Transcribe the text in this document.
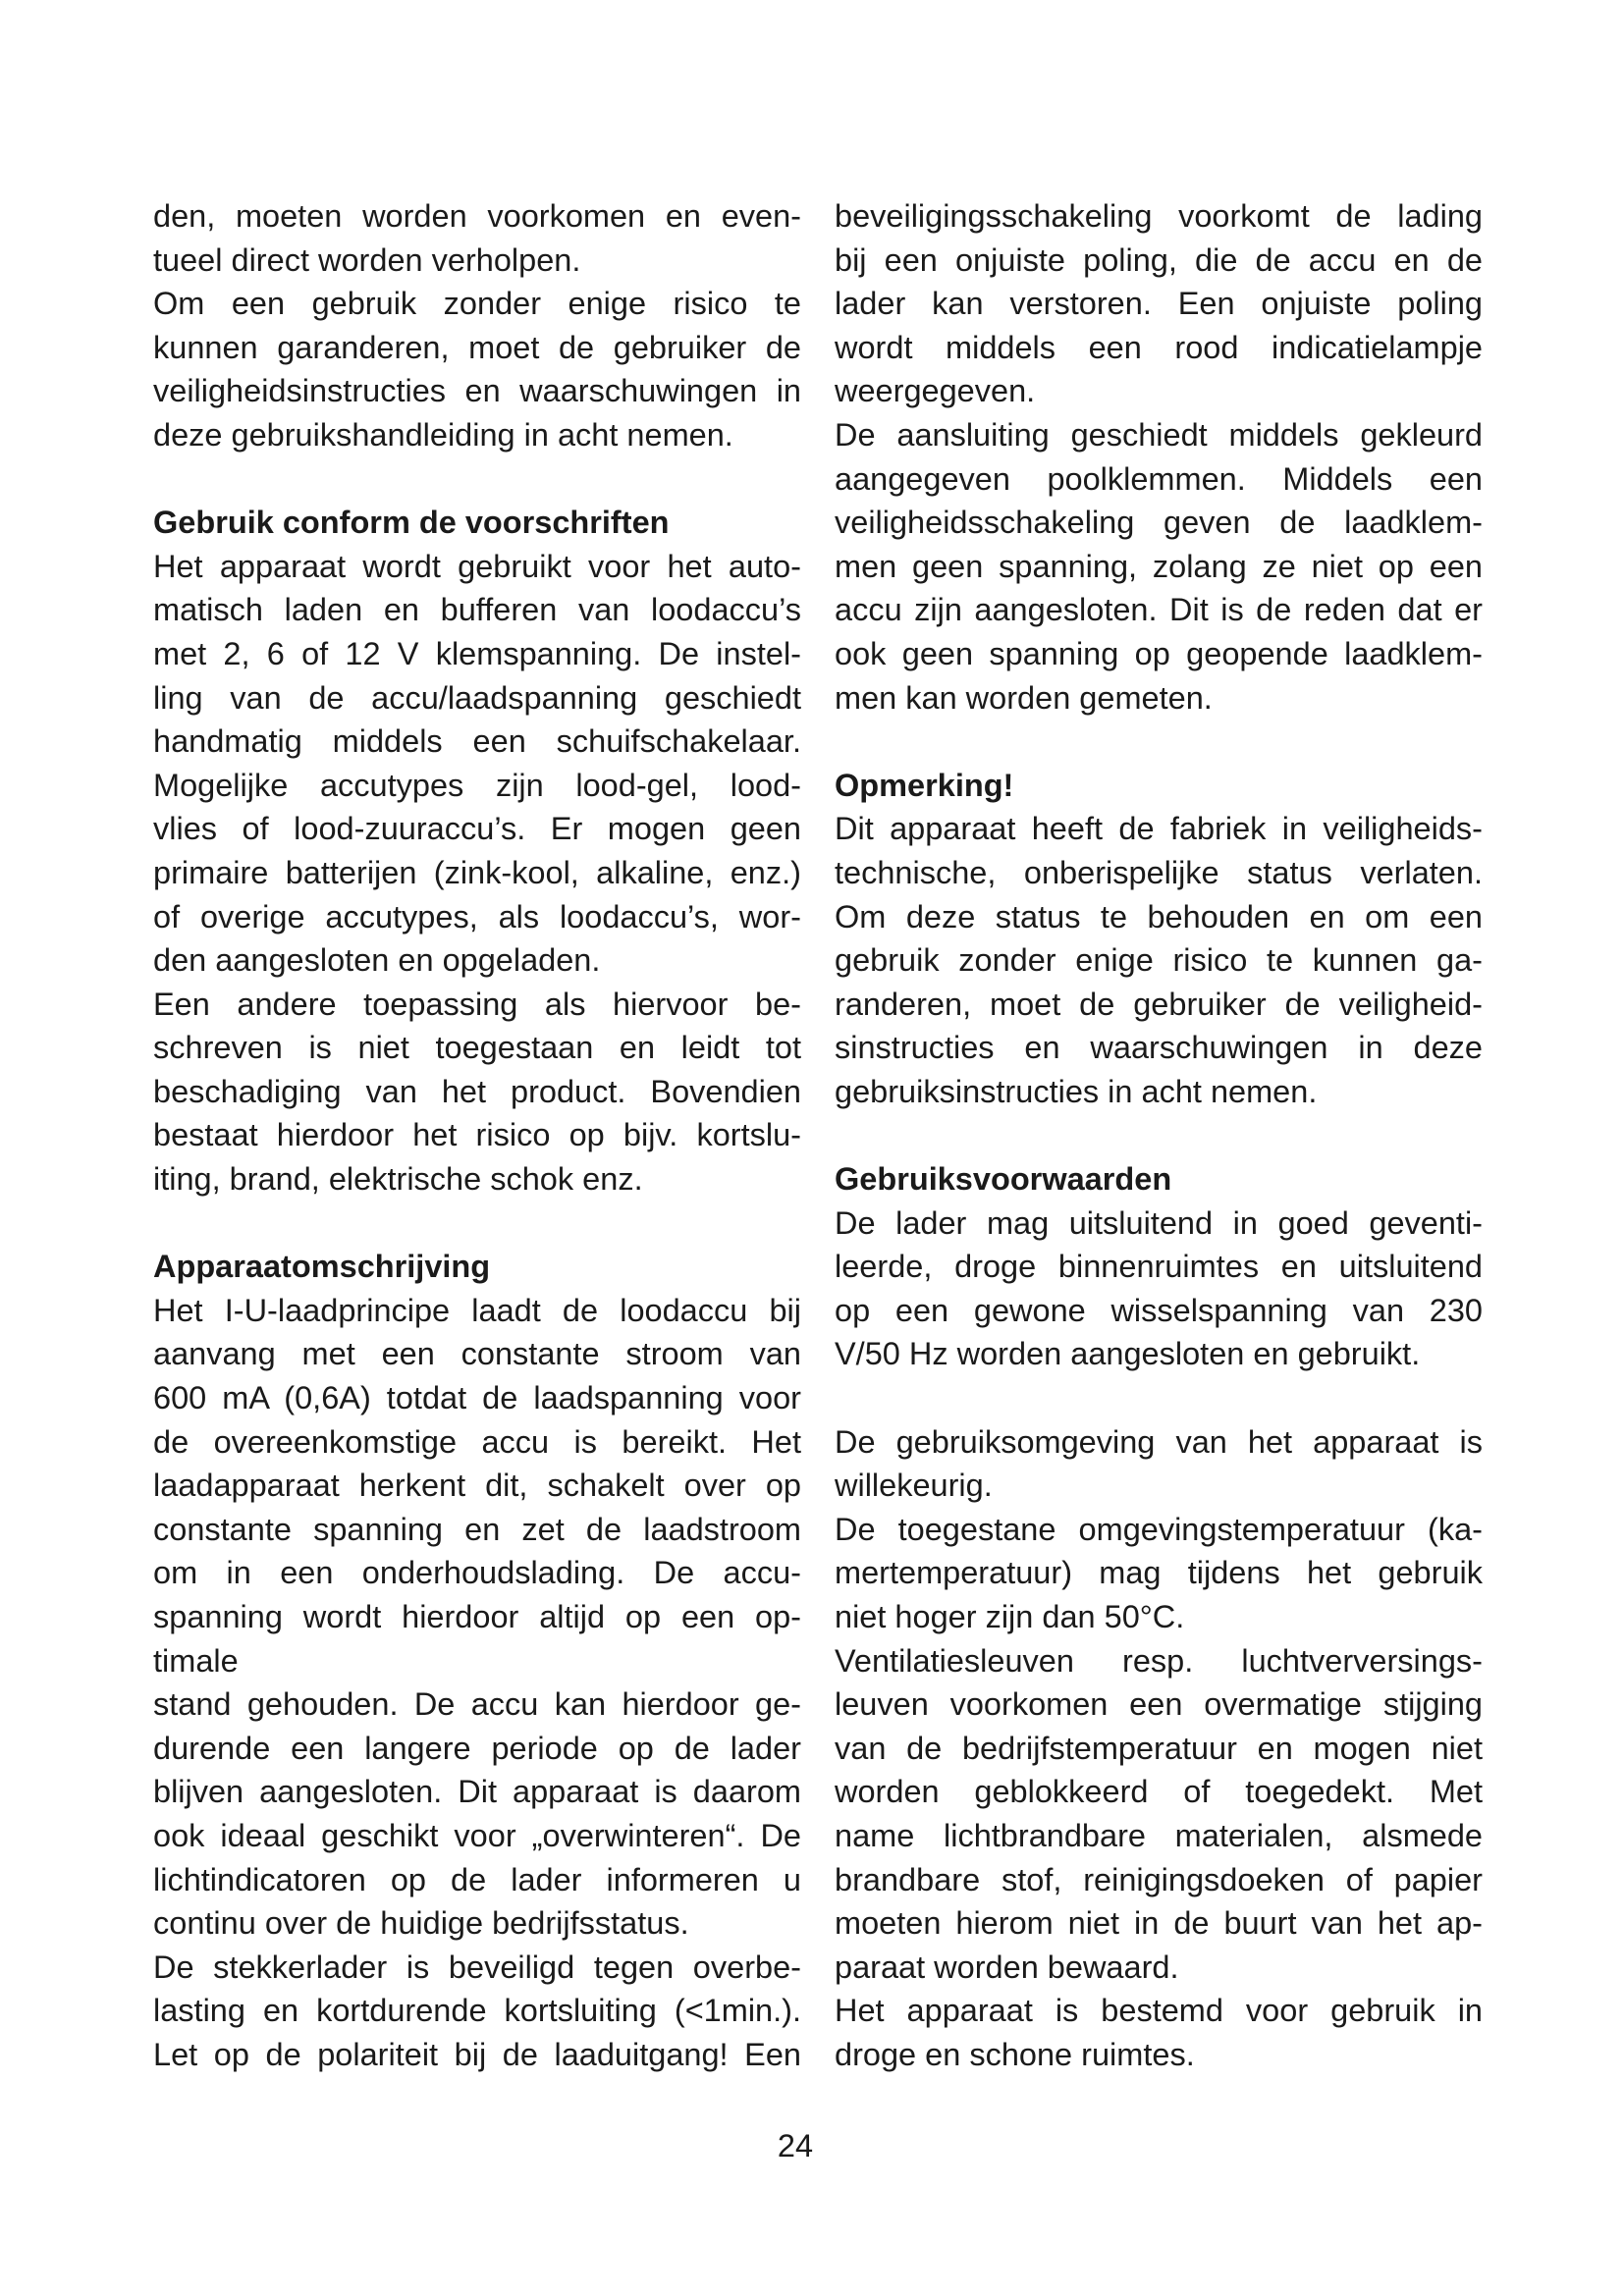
den, moeten worden voorkomen en even-
tueel direct worden verholpen.
Om een gebruik zonder enige risico te
kunnen garanderen, moet de gebruiker de
veiligheidsinstructies en waarschuwingen in
deze gebruikshandleiding in acht nemen.
Gebruik conform de voorschriften
Het apparaat wordt gebruikt voor het auto-
matisch laden en bufferen van loodaccu’s
met 2, 6 of 12 V klemspanning. De instel-
ling van de accu/laadspanning geschiedt
handmatig middels een schuifschakelaar.
Mogelijke accutypes zijn lood-gel, lood-
vlies of lood-zuuraccu’s. Er mogen geen
primaire batterijen (zink-kool, alkaline, enz.)
of overige accutypes, als loodaccu’s, wor-
den aangesloten en opgeladen.
Een andere toepassing als hiervoor be-
schreven is niet toegestaan en leidt tot
beschadiging van het product. Bovendien
bestaat hierdoor het risico op bijv. kortslu-
iting, brand, elektrische schok enz.
Apparaatomschrijving
Het I-U-laadprincipe laadt de loodaccu bij
aanvang met een constante stroom van
600 mA (0,6A) totdat de laadspanning voor
de overeenkomstige accu is bereikt. Het
laadapparaat herkent dit, schakelt over op
constante spanning en zet de laadstroom
om in een onderhoudslading. De accu-
spanning wordt hierdoor altijd op een op-
timale
stand gehouden. De accu kan hierdoor ge-
durende een langere periode op de lader
blijven aangesloten. Dit apparaat is daarom
ook ideaal geschikt voor „overwinteren“. De
lichtindicatoren op de lader informeren u
continu over de huidige bedrijfsstatus.
De stekkerlader is beveiligd tegen overbe-
lasting en kortdurende kortsluiting (<1min.).
Let op de polariteit bij de laaduitgang! Een
beveiligingsschakeling voorkomt de lading
bij een onjuiste poling, die de accu en de
lader kan verstoren. Een onjuiste poling
wordt middels een rood indicatielampje
weergegeven.
De aansluiting geschiedt middels gekleurd
aangegeven poolklemmen. Middels een
veiligheidsschakeling geven de laadklem-
men geen spanning, zolang ze niet op een
accu zijn aangesloten. Dit is de reden dat er
ook geen spanning op geopende laadklem-
men kan worden gemeten.
Opmerking!
Dit apparaat heeft de fabriek in veiligheids-
technische, onberispelijke status verlaten.
Om deze status te behouden en om een
gebruik zonder enige risico te kunnen ga-
randeren, moet de gebruiker de veiligheid-
sinstructies en waarschuwingen in deze
gebruiksinstructies in acht nemen.
Gebruiksvoorwaarden
De lader mag uitsluitend in goed geventi-
leerde, droge binnenruimtes en uitsluitend
op een gewone wisselspanning van 230
V/50 Hz worden aangesloten en gebruikt.
De gebruiksomgeving van het apparaat is
willekeurig.
De toegestane omgevingstemperatuur (ka-
mertemperatuur) mag tijdens het gebruik
niet hoger zijn dan 50°C.
Ventilatiesleuven resp. luchtverversings-
leuven voorkomen een overmatige stijging
van de bedrijfstemperatuur en mogen niet
worden geblokkeerd of toegedekt. Met
name lichtbrandbare materialen, alsmede
brandbare stof, reinigingsdoeken of papier
moeten hierom niet in de buurt van het ap-
paraat worden bewaard.
Het apparaat is bestemd voor gebruik in
droge en schone ruimtes.
24
